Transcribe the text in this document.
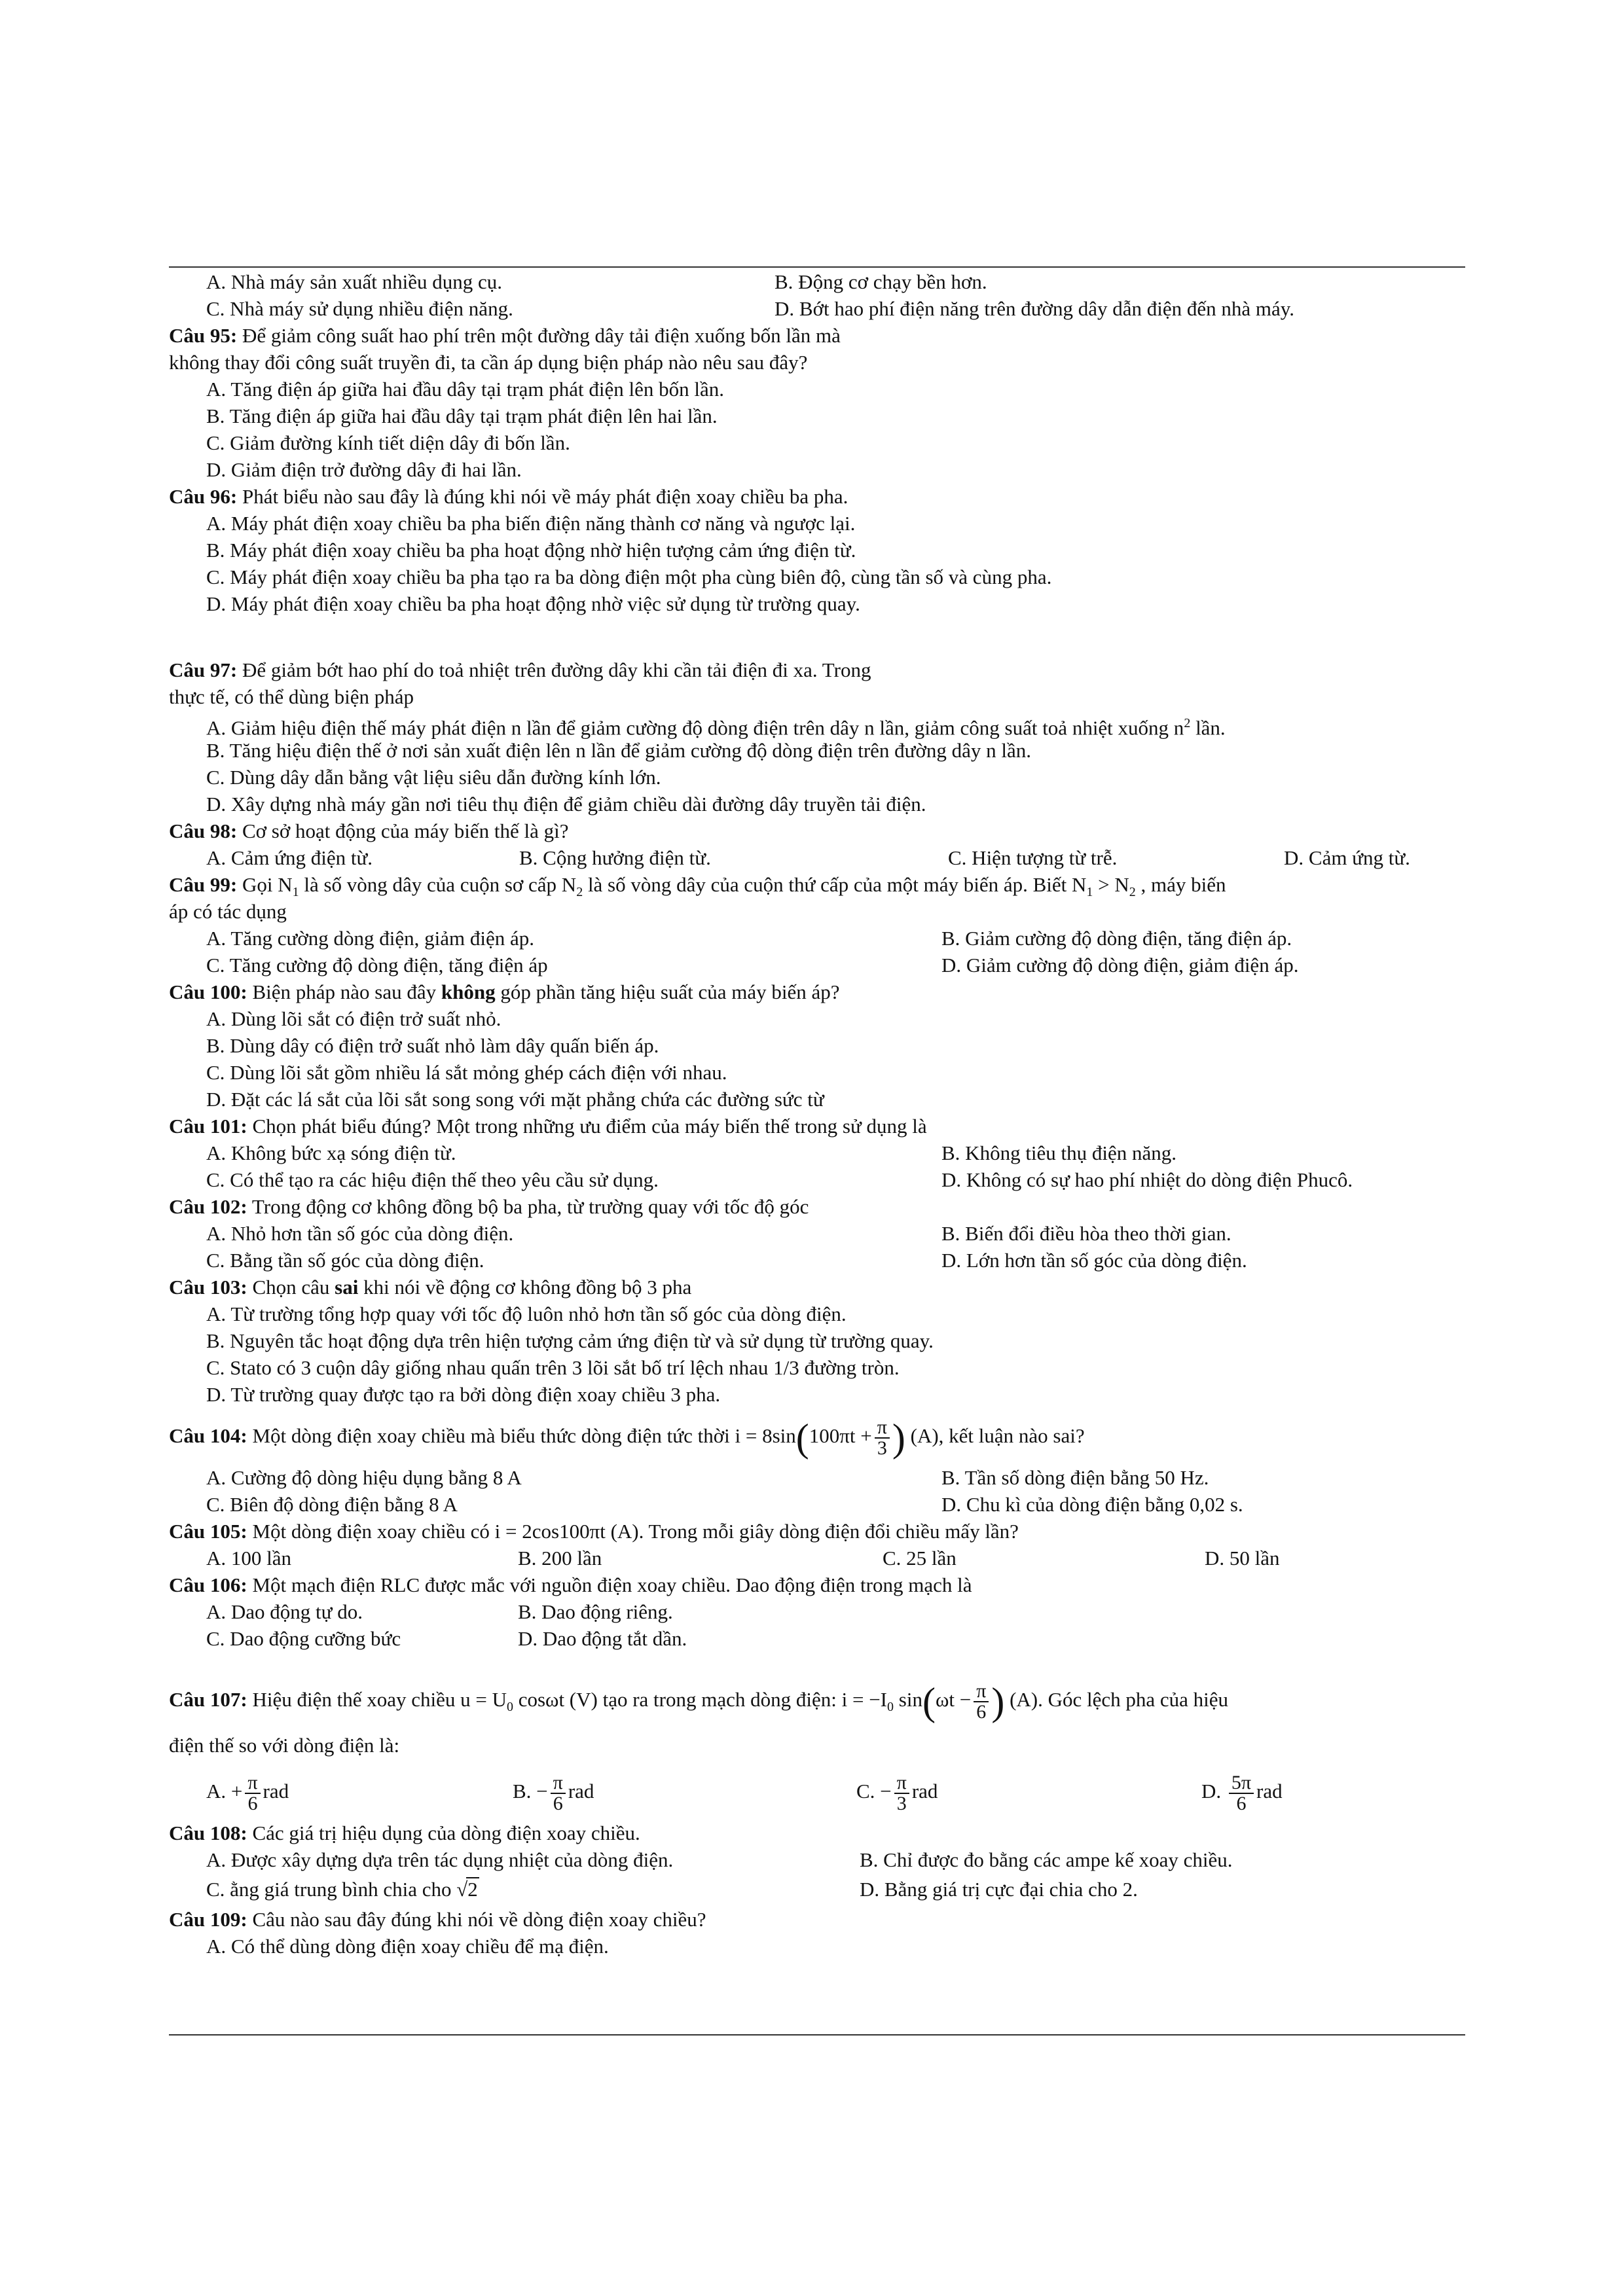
A. Nhà máy sản xuất nhiều dụng cụ.	B. Động cơ chạy bền hơn.
C. Nhà máy sử dụng nhiều điện năng.	D. Bớt hao phí điện năng trên đường dây dẫn điện đến nhà máy.
Câu 95: Để giảm công suất hao phí trên một đường dây tải điện xuống bốn lần mà
không thay đổi công suất truyền đi, ta cần áp dụng biện pháp nào nêu sau đây?
A. Tăng điện áp giữa hai đầu dây tại trạm phát điện lên bốn lần.
B. Tăng điện áp giữa hai đầu dây tại trạm phát điện lên hai lần.
C. Giảm đường kính tiết diện dây đi bốn lần.
D. Giảm điện trở đường dây đi hai lần.
Câu 96: Phát biểu nào sau đây là đúng khi nói về máy phát điện xoay chiều ba pha.
A. Máy phát điện xoay chiều ba pha biến điện năng thành cơ năng và ngược lại.
B. Máy phát điện xoay chiều ba pha hoạt động nhờ hiện tượng cảm ứng điện từ.
C. Máy phát điện xoay chiều ba pha tạo ra ba dòng điện một pha cùng biên độ, cùng tần số và cùng pha.
D. Máy phát điện xoay chiều ba pha hoạt động nhờ việc sử dụng từ trường quay.
Câu 97: Để giảm bớt hao phí do toả nhiệt trên đường dây khi cần tải điện đi xa. Trong
thực tế, có thể dùng biện pháp
A. Giảm hiệu điện thế máy phát điện n lần để giảm cường độ dòng điện trên dây n lần, giảm công suất toả nhiệt xuống $n^2$ lần.
B. Tăng hiệu điện thế ở nơi sản xuất điện lên n lần để giảm cường độ dòng điện trên đường dây n lần.
C. Dùng dây dẫn bằng vật liệu siêu dẫn đường kính lớn.
D. Xây dựng nhà máy gần nơi tiêu thụ điện để giảm chiều dài đường dây truyền tải điện.
Câu 98: Cơ sở hoạt động của máy biến thế là gì?
A. Cảm ứng điện từ.	B. Cộng hưởng điện từ.	C. Hiện tượng từ trễ.	D. Cảm ứng từ.
Câu 99: Gọi $N_1$ là số vòng dây của cuộn sơ cấp $N_2$ là số vòng dây của cuộn thứ cấp của một máy biến áp. Biết $N_1 > N_2$ , máy biến
áp có tác dụng
A. Tăng cường dòng điện, giảm điện áp.	B. Giảm cường độ dòng điện, tăng điện áp.
C. Tăng cường độ dòng điện, tăng điện áp	D. Giảm cường độ dòng điện, giảm điện áp.
Câu 100: Biện pháp nào sau đây không góp phần tăng hiệu suất của máy biến áp?
A. Dùng lõi sắt có điện trở suất nhỏ.
B. Dùng dây có điện trở suất nhỏ làm dây quấn biến áp.
C. Dùng lõi sắt gồm nhiều lá sắt mỏng ghép cách điện với nhau.
D. Đặt các lá sắt của lõi sắt song song với mặt phẳng chứa các đường sức từ
Câu 101: Chọn phát biểu đúng? Một trong những ưu điểm của máy biến thế trong sử dụng là
A. Không bức xạ sóng điện từ.	B. Không tiêu thụ điện năng.
C. Có thể tạo ra các hiệu điện thế theo yêu cầu sử dụng.	D. Không có sự hao phí nhiệt do dòng điện Phucô.
Câu 102: Trong động cơ không đồng bộ ba pha, từ trường quay với tốc độ góc
A. Nhỏ hơn tần số góc của dòng điện.	B. Biến đổi điều hòa theo thời gian.
C. Bằng tần số góc của dòng điện.	D. Lớn hơn tần số góc của dòng điện.
Câu 103: Chọn câu sai khi nói về động cơ không đồng bộ 3 pha
A. Từ trường tổng hợp quay với tốc độ luôn nhỏ hơn tần số góc của dòng điện.
B. Nguyên tắc hoạt động dựa trên hiện tượng cảm ứng điện từ và sử dụng từ trường quay.
C. Stato có 3 cuộn dây giống nhau quấn trên 3 lõi sắt bố trí lệch nhau 1/3 đường tròn.
D. Từ trường quay được tạo ra bởi dòng điện xoay chiều 3 pha.
Câu 104: Một dòng điện xoay chiều mà biểu thức dòng điện tức thời $i = 8\sin(100\pi t + \frac{\pi}{3}$ ) (A), kết luận nào sai?
A. Cường độ dòng hiệu dụng bằng 8 A	B. Tần số dòng điện bằng 50 Hz.
C. Biên độ dòng điện bằng 8 A	D. Chu kì của dòng điện bằng 0,02 s.
Câu 105: Một dòng điện xoay chiều có i = 2cos100πt (A). Trong mỗi giây dòng điện đổi chiều mấy lần?
A. 100 lần	B. 200 lần	C. 25 lần	D. 50 lần
Câu 106: Một mạch điện RLC được mắc với nguồn điện xoay chiều. Dao động điện trong mạch là
A. Dao động tự do.	B. Dao động riêng.
C. Dao động cưỡng bức	D. Dao động tắt dần.
Câu 107: Hiệu điện thế xoay chiều $u = U_0$ cosωt (V) tạo ra trong mạch dòng điện: $i = -I_0$ $\sin(\omega t - \frac{\pi}{6}$ ) (A). Góc lệch pha của hiệu
điện thế so với dòng điện là:
A. + $\frac{\pi}{6}$ rad	B. − $\frac{\pi}{6}$ rad	C. − $\frac{\pi}{3}$ rad	D. $\frac{5\pi}{6}$ rad
Câu 108: Các giá trị hiệu dụng của dòng điện xoay chiều.
A. Được xây dựng dựa trên tác dụng nhiệt của dòng điện.	B. Chỉ được đo bằng các ampe kế xoay chiều.
C. ằng giá trung bình chia cho √2	D. Bằng giá trị cực đại chia cho 2.
Câu 109: Câu nào sau đây đúng khi nói về dòng điện xoay chiều?
A. Có thể dùng dòng điện xoay chiều để mạ điện.
